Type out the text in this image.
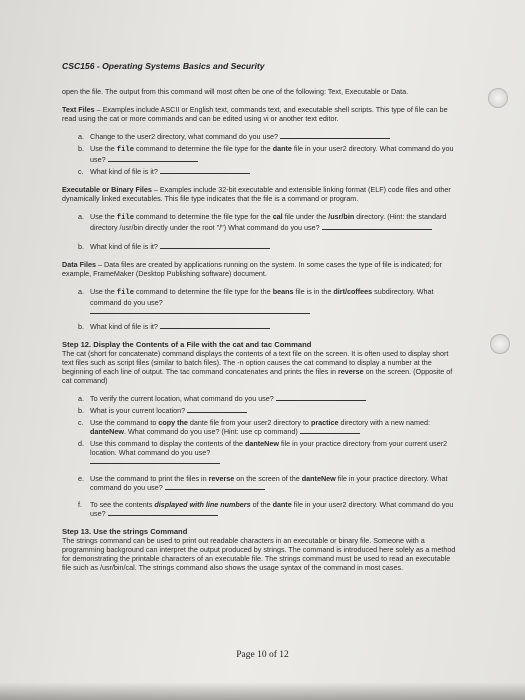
CSC156 - Operating Systems Basics and Security

open the file. The output from this command will most often be one of the following: Text, Executable or Data.

Text Files – Examples include ASCII or English text, commands text, and executable shell scripts. This type of file can be read using the cat or more commands and can be edited using vi or another text editor.

a. Change to the user2 directory, what command do you use?
b. Use the file command to determine the file type for the dante file in your user2 directory. What command do you use?
c. What kind of file is it?

Executable or Binary Files – Examples include 32-bit executable and extensible linking format (ELF) code files and other dynamically linked executables. This file type indicates that the file is a command or program.

a. Use the file command to determine the file type for the cal file under the /usr/bin directory. (Hint: the standard directory /usr/bin directly under the root "/") What command do you use?
b. What kind of file is it?

Data Files – Data files are created by applications running on the system. In some cases the type of file is indicated; for example, FrameMaker (Desktop Publishing software) document.

a. Use the file command to determine the file type for the beans file is in the dirt/coffees subdirectory. What command do you use?

b. What kind of file is it?
Step 12. Display the Contents of a File with the cat and tac Command

The cat (short for concatenate) command displays the contents of a text file on the screen. It is often used to display short text files such as script files (similar to batch files). The -n option causes the cat command to display a number at the beginning of each line of output. The tac command concatenates and prints the files in reverse on the screen. (Opposite of cat command)

a. To verify the current location, what command do you use?
b. What is your current location?
c. Use the command to copy the dante file from your user2 directory to practice directory with a new named: danteNew. What command do you use? (Hint: use cp command)
d. Use this command to display the contents of the danteNew file in your practice directory from your current user2 location. What command do you use?

e. Use the command to print the files in reverse on the screen of the danteNew file in your practice directory. What command do you use?
f. To see the contents displayed with line numbers of the dante file in your user2 directory. What command do you use?
Step 13. Use the strings Command

The strings command can be used to print out readable characters in an executable or binary file. Someone with a programming background can interpret the output produced by strings. The command is introduced here solely as a method for demonstrating the printable characters of an executable file. The strings command must be used to read an executable file such as /usr/bin/cal. The strings command also shows the usage syntax of the command in most cases.

Page 10 of 12
